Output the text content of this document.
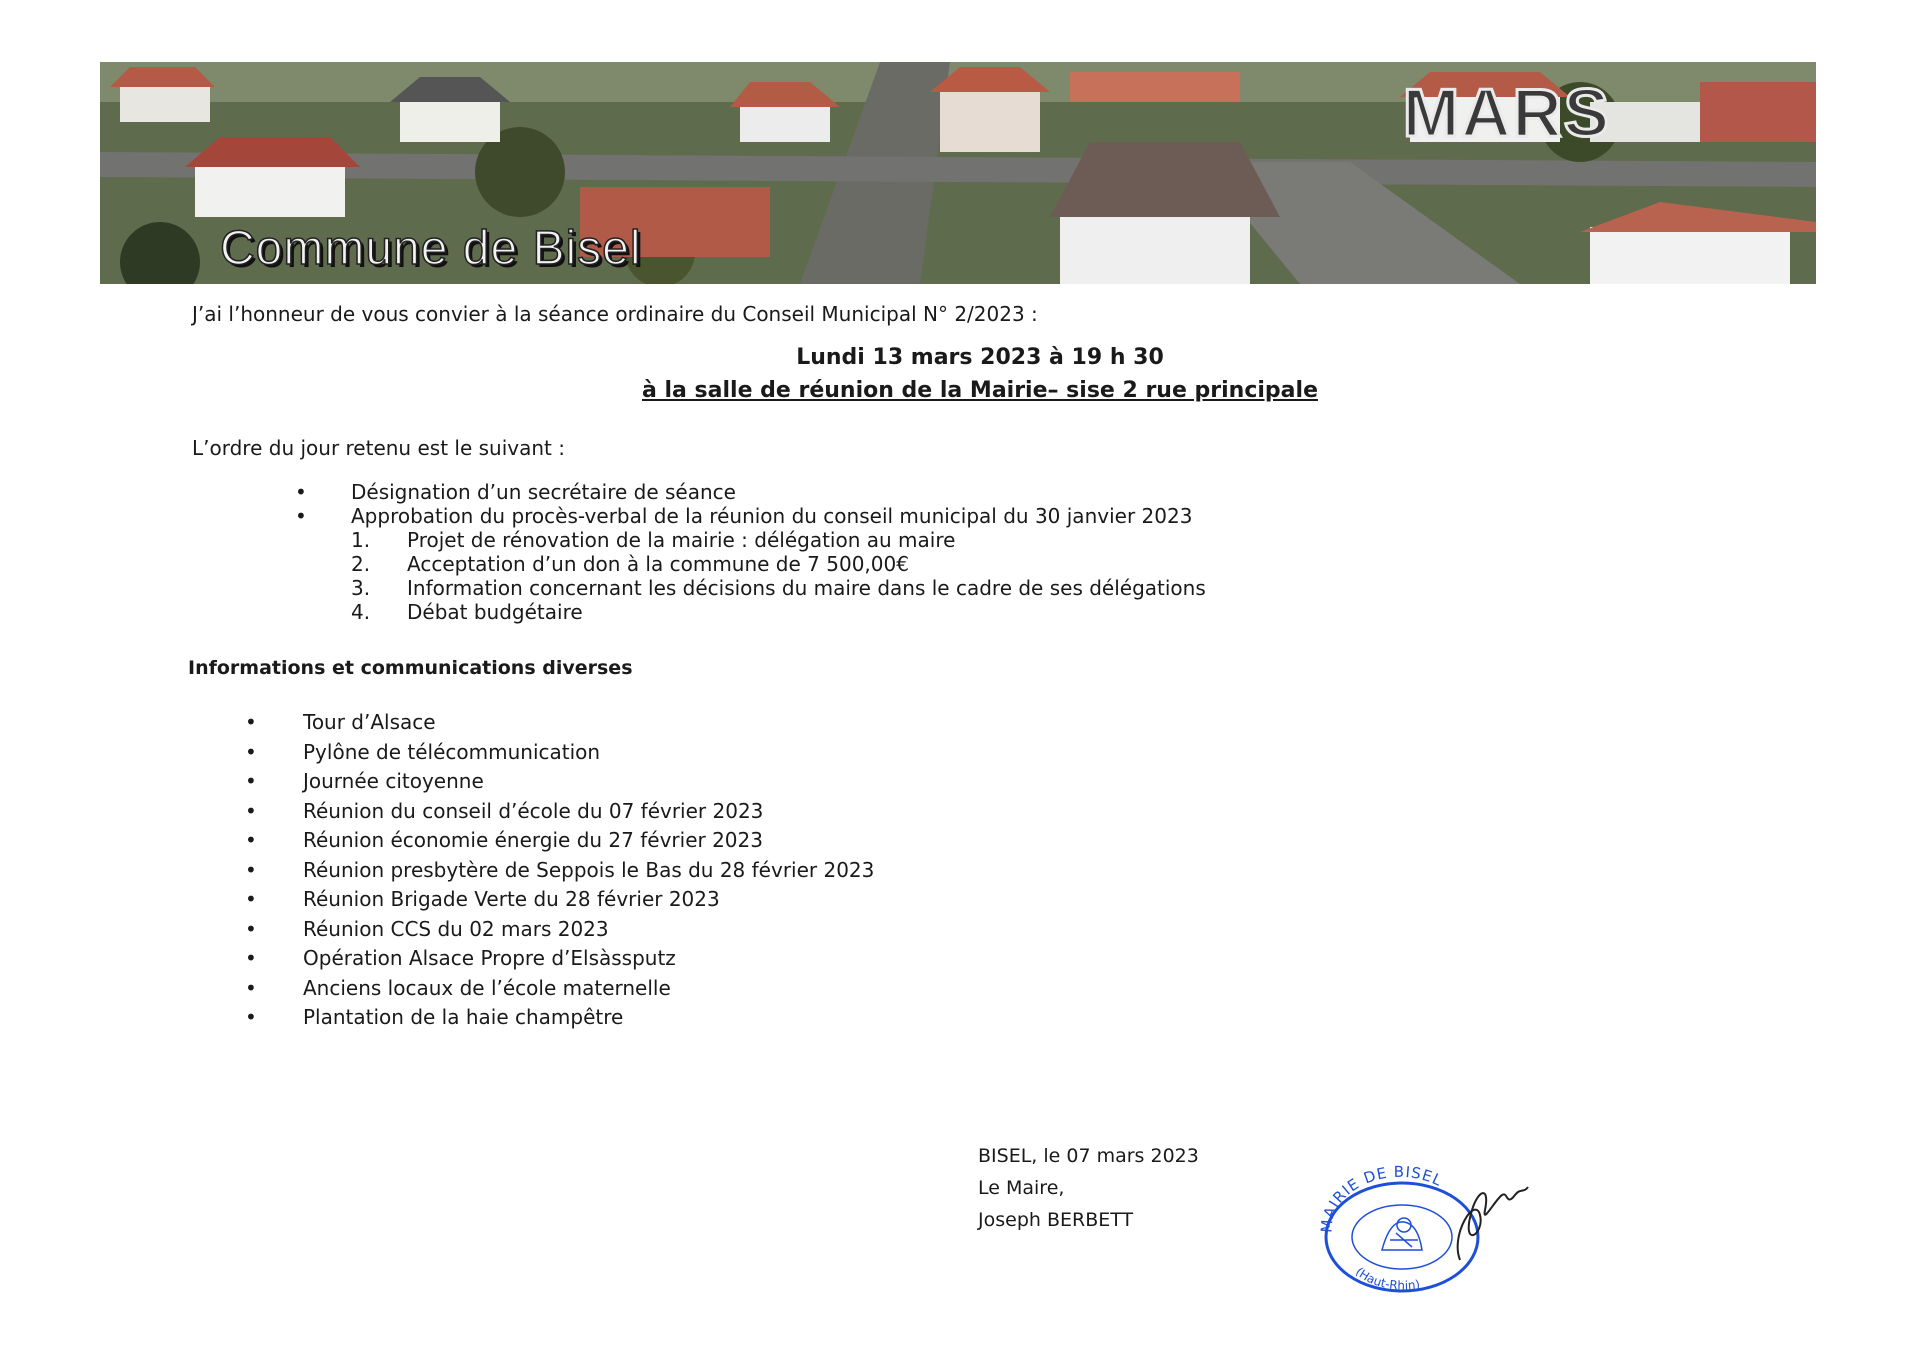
Commune de Bisel
MARS
J’ai l’honneur de vous convier à la séance ordinaire du Conseil Municipal N° 2/2023 :
Lundi 13 mars 2023 à 19 h 30
à la salle de réunion de la Mairie– sise 2 rue principale
L’ordre du jour retenu est le suivant :
• Désignation d’un secrétaire de séance
• Approbation du procès-verbal de la réunion du conseil municipal du 30 janvier 2023
1. Projet de rénovation de la mairie : délégation au maire
2. Acceptation d’un don à la commune de 7 500,00€
3. Information concernant les décisions du maire dans le cadre de ses délégations
4. Débat budgétaire
Informations et communications diverses
• Tour d’Alsace
• Pylône de télécommunication
• Journée citoyenne
• Réunion du conseil d’école du 07 février 2023
• Réunion économie énergie du 27 février 2023
• Réunion presbytère de Seppois le Bas du 28 février 2023
• Réunion Brigade Verte du 28 février 2023
• Réunion CCS du 02 mars 2023
• Opération Alsace Propre d’Elsàssputz
• Anciens locaux de l’école maternelle
• Plantation de la haie champêtre
BISEL, le 07 mars 2023
Le Maire,
Joseph BERBETT	MAIRIE DE BISEL
(Haut-Rhin)
